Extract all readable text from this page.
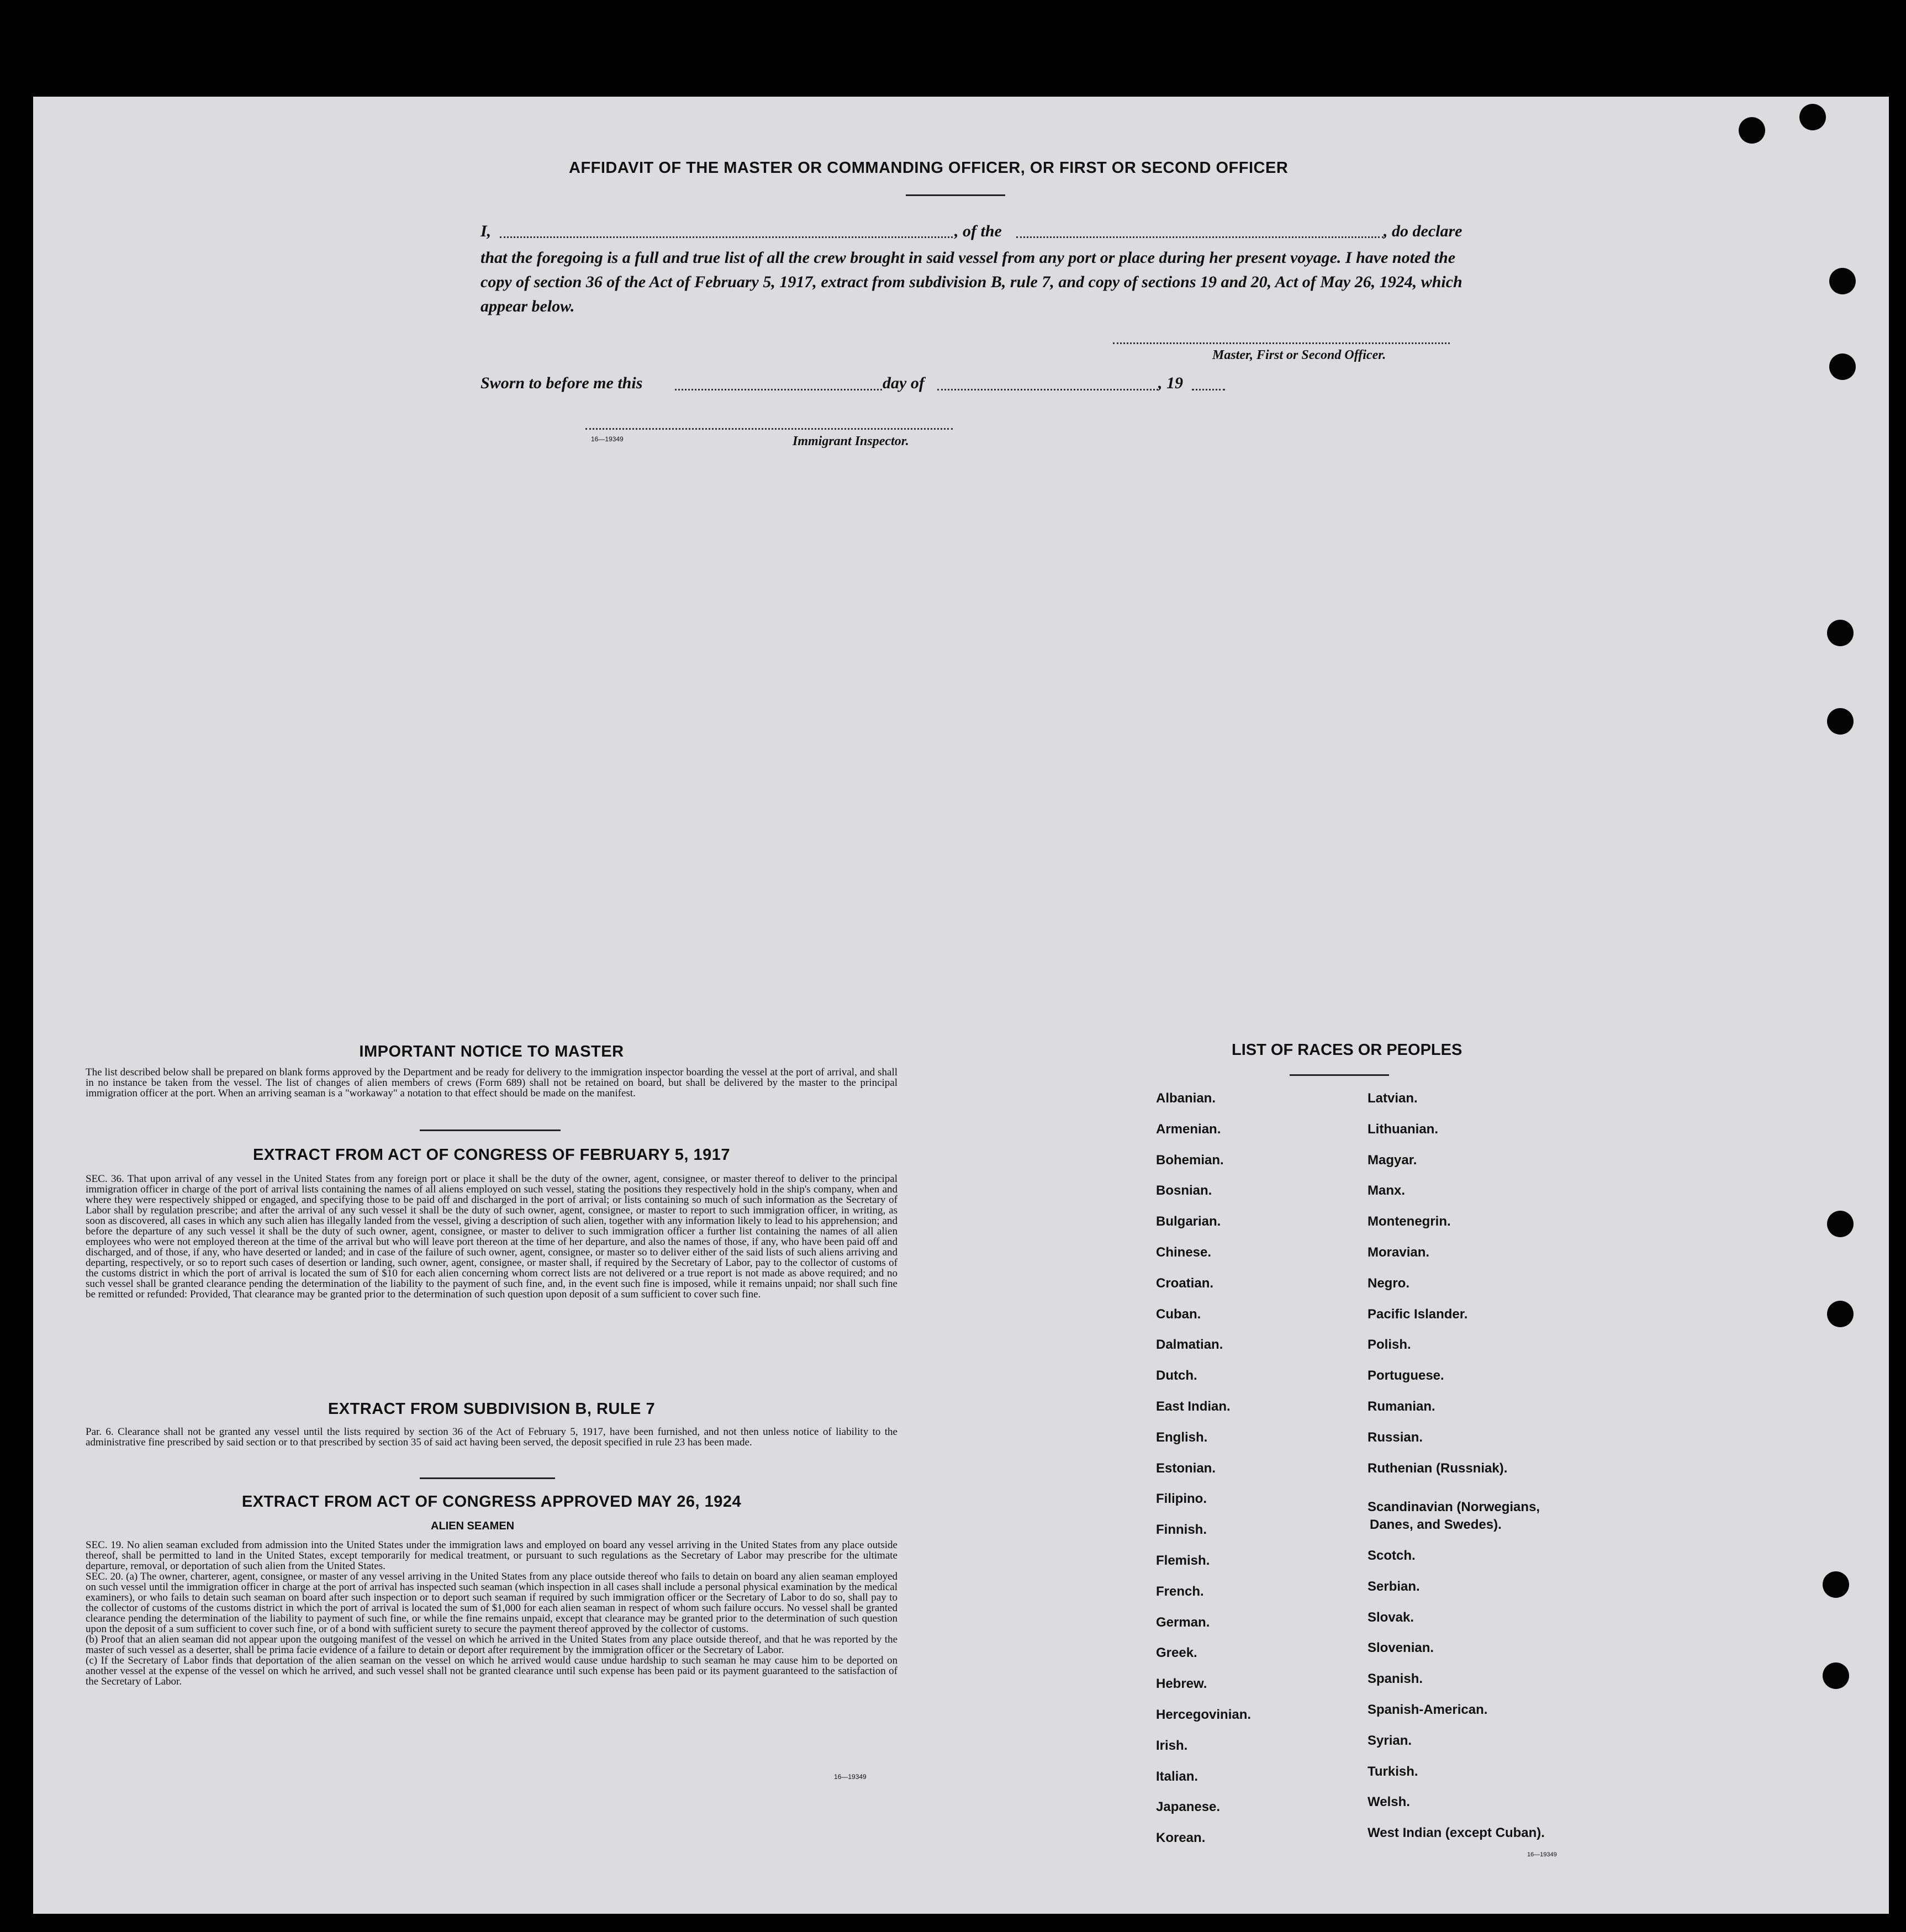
AFFIDAVIT OF THE MASTER OR COMMANDING OFFICER, OR FIRST OR SECOND OFFICER
I,	, of the	, do declare

that the foregoing is a full and true list of all the crew brought in said vessel from any port or place during her present voyage. I have noted the copy of section 36 of the Act of February 5, 1917, extract from subdivision B, rule 7, and copy of sections 19 and 20, Act of May 26, 1924, which appear below.

Master, First or Second Officer.
Sworn to before me this	day of	, 19
16—19349	Immigrant Inspector.
IMPORTANT NOTICE TO MASTER

The list described below shall be prepared on blank forms approved by the Department and be ready for delivery to the immigration inspector boarding the vessel at the port of arrival, and shall in no instance be taken from the vessel. The list of changes of alien members of crews (Form 689) shall not be retained on board, but shall be delivered by the master to the principal immigration officer at the port. When an arriving seaman is a "workaway" a notation to that effect should be made on the manifest.

EXTRACT FROM ACT OF CONGRESS OF FEBRUARY 5, 1917

SEC. 36. That upon arrival of any vessel in the United States from any foreign port or place it shall be the duty of the owner, agent, consignee, or master thereof to deliver to the principal immigration officer in charge of the port of arrival lists containing the names of all aliens employed on such vessel, stating the positions they respectively hold in the ship's company, when and where they were respectively shipped or engaged, and specifying those to be paid off and discharged in the port of arrival; or lists containing so much of such information as the Secretary of Labor shall by regulation prescribe; and after the arrival of any such vessel it shall be the duty of such owner, agent, consignee, or master to report to such immigration officer, in writing, as soon as discovered, all cases in which any such alien has illegally landed from the vessel, giving a description of such alien, together with any information likely to lead to his apprehension; and before the departure of any such vessel it shall be the duty of such owner, agent, consignee, or master to deliver to such immigration officer a further list containing the names of all alien employees who were not employed thereon at the time of the arrival but who will leave port thereon at the time of her departure, and also the names of those, if any, who have been paid off and discharged, and of those, if any, who have deserted or landed; and in case of the failure of such owner, agent, consignee, or master so to deliver either of the said lists of such aliens arriving and departing, respectively, or so to report such cases of desertion or landing, such owner, agent, consignee, or master shall, if required by the Secretary of Labor, pay to the collector of customs of the customs district in which the port of arrival is located the sum of $10 for each alien concerning whom correct lists are not delivered or a true report is not made as above required; and no such vessel shall be granted clearance pending the determination of the liability to the payment of such fine, and, in the event such fine is imposed, while it remains unpaid; nor shall such fine be remitted or refunded: Provided, That clearance may be granted prior to the determination of such question upon deposit of a sum sufficient to cover such fine.

EXTRACT FROM SUBDIVISION B, RULE 7

Par. 6. Clearance shall not be granted any vessel until the lists required by section 36 of the Act of February 5, 1917, have been furnished, and not then unless notice of liability to the administrative fine prescribed by said section or to that prescribed by section 35 of said act having been served, the deposit specified in rule 23 has been made.

EXTRACT FROM ACT OF CONGRESS APPROVED MAY 26, 1924
ALIEN SEAMEN

SEC. 19. No alien seaman excluded from admission into the United States under the immigration laws and employed on board any vessel arriving in the United States from any place outside thereof, shall be permitted to land in the United States, except temporarily for medical treatment, or pursuant to such regulations as the Secretary of Labor may prescribe for the ultimate departure, removal, or deportation of such alien from the United States.

SEC. 20. (a) The owner, charterer, agent, consignee, or master of any vessel arriving in the United States from any place outside thereof who fails to detain on board any alien seaman employed on such vessel until the immigration officer in charge at the port of arrival has inspected such seaman (which inspection in all cases shall include a personal physical examination by the medical examiners), or who fails to detain such seaman on board after such inspection or to deport such seaman if required by such immigration officer or the Secretary of Labor to do so, shall pay to the collector of customs of the customs district in which the port of arrival is located the sum of $1,000 for each alien seaman in respect of whom such failure occurs. No vessel shall be granted clearance pending the determination of the liability to payment of such fine, or while the fine remains unpaid, except that clearance may be granted prior to the determination of such question upon the deposit of a sum sufficient to cover such fine, or of a bond with sufficient surety to secure the payment thereof approved by the collector of customs.

(b) Proof that an alien seaman did not appear upon the outgoing manifest of the vessel on which he arrived in the United States from any place outside thereof, and that he was reported by the master of such vessel as a deserter, shall be prima facie evidence of a failure to detain or deport after requirement by the immigration officer or the Secretary of Labor.

(c) If the Secretary of Labor finds that deportation of the alien seaman on the vessel on which he arrived would cause undue hardship to such seaman he may cause him to be deported on another vessel at the expense of the vessel on which he arrived, and such vessel shall not be granted clearance until such expense has been paid or its payment guaranteed to the satisfaction of the Secretary of Labor.

16—19349
LIST OF RACES OR PEOPLES
Albanian.
Armenian.
Bohemian.
Bosnian.
Bulgarian.
Chinese.
Croatian.
Cuban.
Dalmatian.
Dutch.
East Indian.
English.
Estonian.
Filipino.
Finnish.
Flemish.
French.
German.
Greek.
Hebrew.
Hercegovinian.
Irish.
Italian.
Japanese.
Korean.
Latvian.
Lithuanian.
Magyar.
Manx.
Montenegrin.
Moravian.
Negro.
Pacific Islander.
Polish.
Portuguese.
Rumanian.
Russian.
Ruthenian (Russniak).
Scandinavian (Norwegians,
Danes, and Swedes).
Scotch.
Serbian.
Slovak.
Slovenian.
Spanish.
Spanish-American.
Syrian.
Turkish.
Welsh.
West Indian (except Cuban).
16—19349
